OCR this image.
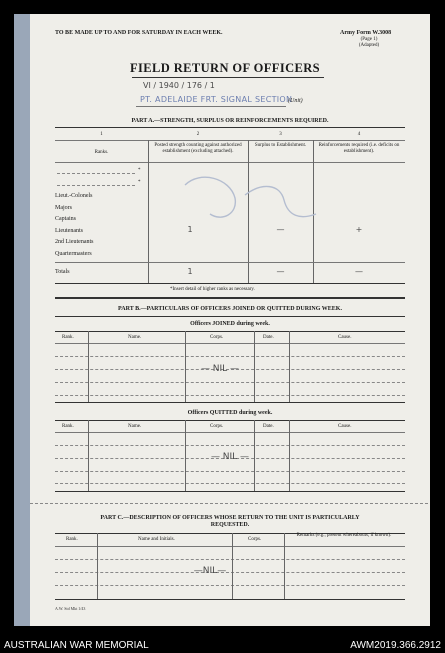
TO BE MADE UP TO AND FOR SATURDAY IN EACH WEEK.	Army Form W.3008
(Page 1)
(Adapted)
FIELD RETURN OF OFFICERS
VI / 1940 / 176 / 1
PT. ADELAIDE FRT. SIGNAL SECTION
(Unit)
PART A.—STRENGTH, SURPLUS OR REINFORCEMENTS REQUIRED.
1	2	3	4
Ranks.
Posted strength counting against authorized establishment (excluding attached).
Surplus to Establishment.	Reinforcements required (i.e. deficits on establishment).
*
*
Lieut.-Colonels
Majors
Captains
Lieutenants
2nd Lieutenants
Quartermasters
1	—	+
Totals	1	—	—
*Insert detail of higher ranks as necessary.
PART B.—PARTICULARS OF OFFICERS JOINED OR QUITTED DURING WEEK.
Officers JOINED during week.
Rank.	Name.	Corps.	Date.	Cause.
— NIL —
Officers QUITTED during week.
Rank.	Name.	Corps.	Date.	Cause.
— NIL —
PART C.—DESCRIPTION OF OFFICERS WHOSE RETURN TO THE UNIT IS PARTICULARLY
REQUESTED.
Rank.	Name and Initials.	Corps.
Remarks (e.g., present whereabouts, if known).
—NIL—
A.W. Std Mkt 1/43
AUSTRALIAN WAR MEMORIAL	AWM2019.366.2912
